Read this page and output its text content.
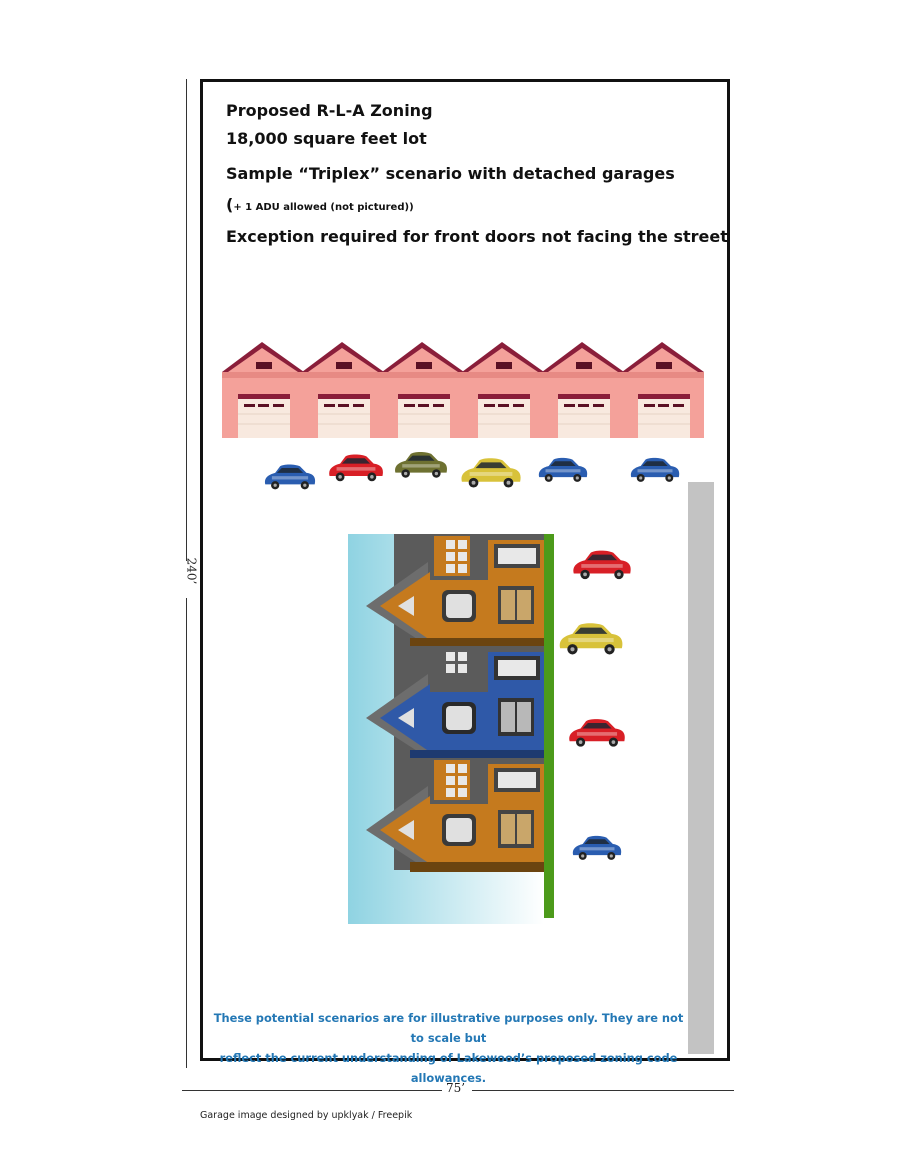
240’
75’
Proposed R-L-A Zoning
18,000 square feet lot
Sample “Triplex” scenario with detached garages
(+ 1 ADU allowed (not pictured))
Exception required for front doors not facing the street
These potential scenarios are for illustrative purposes only. They are not to scale but
reflect the current understanding of Lakewood’s proposed zoning code allowances.
Garage image designed by upklyak / Freepik
